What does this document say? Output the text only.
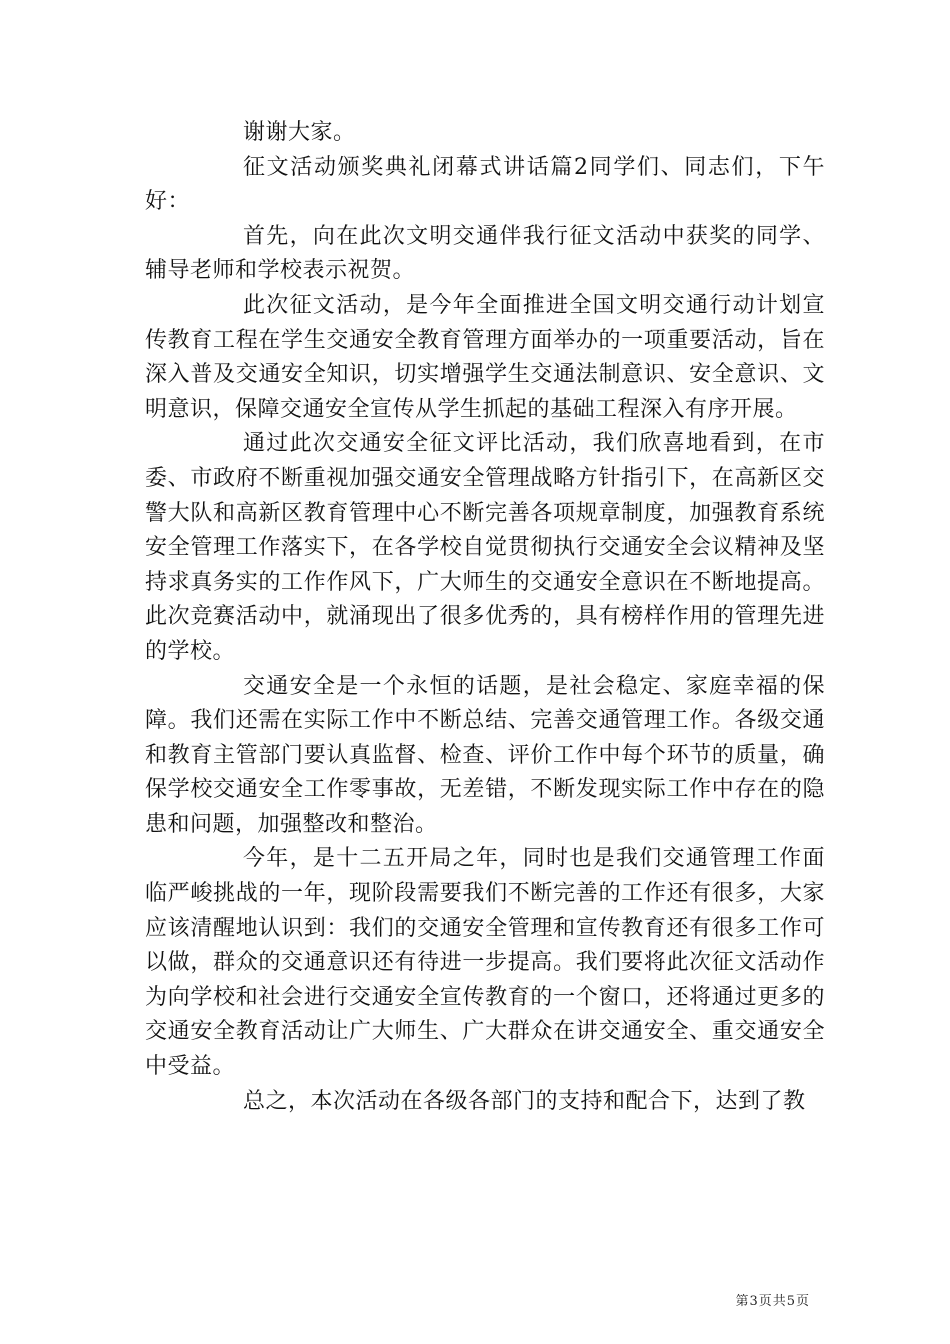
谢谢大家。

征文活动颁奖典礼闭幕式讲话篇2同学们、同志们，下午好：

首先，向在此次文明交通伴我行征文活动中获奖的同学、辅导老师和学校表示祝贺。

此次征文活动，是今年全面推进全国文明交通行动计划宣传教育工程在学生交通安全教育管理方面举办的一项重要活动，旨在深入普及交通安全知识，切实增强学生交通法制意识、安全意识、文明意识，保障交通安全宣传从学生抓起的基础工程深入有序开展。

通过此次交通安全征文评比活动，我们欣喜地看到，在市委、市政府不断重视加强交通安全管理战略方针指引下，在高新区交警大队和高新区教育管理中心不断完善各项规章制度，加强教育系统安全管理工作落实下，在各学校自觉贯彻执行交通安全会议精神及坚持求真务实的工作作风下，广大师生的交通安全意识在不断地提高。此次竞赛活动中，就涌现出了很多优秀的，具有榜样作用的管理先进的学校。

交通安全是一个永恒的话题，是社会稳定、家庭幸福的保障。我们还需在实际工作中不断总结、完善交通管理工作。各级交通和教育主管部门要认真监督、检查、评价工作中每个环节的质量，确保学校交通安全工作零事故，无差错，不断发现实际工作中存在的隐患和问题，加强整改和整治。

今年，是十二五开局之年，同时也是我们交通管理工作面临严峻挑战的一年，现阶段需要我们不断完善的工作还有很多，大家应该清醒地认识到：我们的交通安全管理和宣传教育还有很多工作可以做，群众的交通意识还有待进一步提高。我们要将此次征文活动作为向学校和社会进行交通安全宣传教育的一个窗口，还将通过更多的交通安全教育活动让广大师生、广大群众在讲交通安全、重交通安全中受益。

总之，本次活动在各级各部门的支持和配合下，达到了教

第3页共5页
